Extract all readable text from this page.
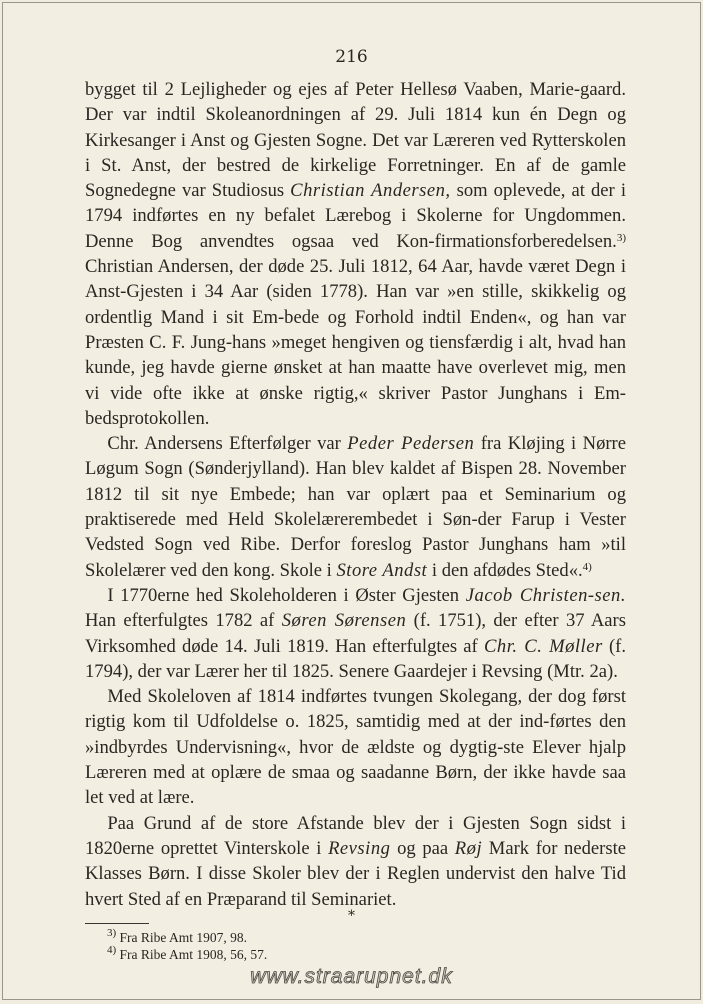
216

bygget til 2 Lejligheder og ejes af Peter Hellesø Vaaben, Marie-gaard. Der var indtil Skoleanordningen af 29. Juli 1814 kun én Degn og Kirkesanger i Anst og Gjesten Sogne. Det var Læreren ved Rytterskolen i St. Anst, der bestred de kirkelige Forretninger. En af de gamle Sognedegne var Studiosus Christian Andersen, som oplevede, at der i 1794 indførtes en ny befalet Lærebog i Skolerne for Ungdommen. Denne Bog anvendtes ogsaa ved Kon-firmationsforberedelsen.$^{3)}$ Christian Andersen, der døde 25. Juli 1812, 64 Aar, havde været Degn i Anst-Gjesten i 34 Aar (siden 1778). Han var »en stille, skikkelig og ordentlig Mand i sit Em-bede og Forhold indtil Enden«, og han var Præsten C. F. Jung-hans »meget hengiven og tiensfærdig i alt, hvad han kunde, jeg havde gierne ønsket at han maatte have overlevet mig, men vi vide ofte ikke at ønske rigtig,« skriver Pastor Junghans i Em-bedsprotokollen.

Chr. Andersens Efterfølger var Peder Pedersen fra Kløjing i Nørre Løgum Sogn (Sønderjylland). Han blev kaldet af Bispen 28. November 1812 til sit nye Embede; han var oplært paa et Seminarium og praktiserede med Held Skolelærerembedet i Søn-der Farup i Vester Vedsted Sogn ved Ribe. Derfor foreslog Pastor Junghans ham »til Skolelærer ved den kong. Skole i Store Andst i den afdødes Sted«.$^{4)}$

I 1770erne hed Skoleholderen i Øster Gjesten Jacob Christen-sen. Han efterfulgtes 1782 af Søren Sørensen (f. 1751), der efter 37 Aars Virksomhed døde 14. Juli 1819. Han efterfulgtes af Chr. C. Møller (f. 1794), der var Lærer her til 1825. Senere Gaardejer i Revsing (Mtr. 2a).

Med Skoleloven af 1814 indførtes tvungen Skolegang, der dog først rigtig kom til Udfoldelse o. 1825, samtidig med at der ind-førtes den »indbyrdes Undervisning«, hvor de ældste og dygtig-ste Elever hjalp Læreren med at oplære de smaa og saadanne Børn, der ikke havde saa let ved at lære.

Paa Grund af de store Afstande blev der i Gjesten Sogn sidst i 1820erne oprettet Vinterskole i Revsing og paa Røj Mark for nederste Klasses Børn. I disse Skoler blev der i Reglen undervist den halve Tid hvert Sted af en Præparand til Seminariet.

*
$^{3)}$ Fra Ribe Amt 1907, 98.
$^{4)}$ Fra Ribe Amt 1908, 56, 57.
www.straarupnet.dk
